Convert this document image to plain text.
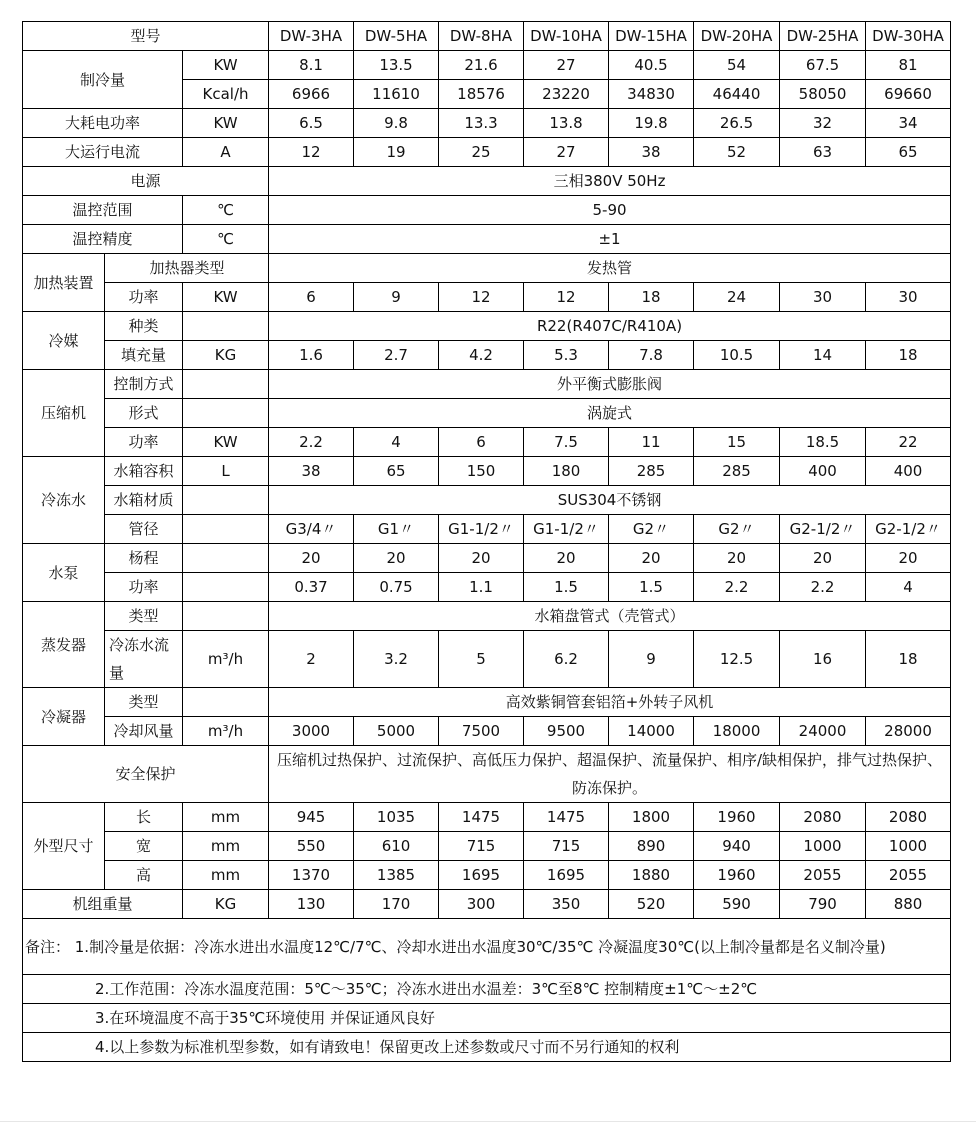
型号			DW-3HA	DW-5HA	DW-8HA	DW-10HA	DW-15HA	DW-20HA	DW-25HA	DW-30HA
制冷量		KW	8.1	13.5	21.6	27	40.5	54	67.5	81
		Kcal/h	6966	11610	18576	23220	34830	46440	58050	69660
大耗电功率		KW	6.5	9.8	13.3	13.8	19.8	26.5	32	34
大运行电流		A	12	19	25	27	38	52	63	65
电源			三相380V 50Hz							
温控范围		℃	5-90							
温控精度		℃	±1							
加热装置	加热器类型		发热管							
	功率	KW	6	9	12	12	18	24	30	30
冷媒	种类		R22(R407C/R410A)							
	填充量	KG	1.6	2.7	4.2	5.3	7.8	10.5	14	18
压缩机	控制方式		外平衡式膨胀阀							
	形式		涡旋式							
	功率	KW	2.2	4	6	7.5	11	15	18.5	22
冷冻水	水箱容积	L	38	65	150	180	285	285	400	400
	水箱材质		SUS304不锈钢							
	管径		G3/4〃	G1〃	G1-1/2〃	G1-1/2〃	G2〃	G2〃	G2-1/2〃	G2-1/2〃
水泵	杨程		20	20	20	20	20	20	20	20
	功率		0.37	0.75	1.1	1.5	1.5	2.2	2.2	4
蒸发器	类型		水箱盘管式（壳管式）							
	冷冻水流量	m³/h	2	3.2	5	6.2	9	12.5	16	18
冷凝器	类型		高效紫铜管套铝箔+外转子风机							
	冷却风量	m³/h	3000	5000	7500	9500	14000	18000	24000	28000
安全保护			压缩机过热保护、过流保护、高低压力保护、超温保护、流量保护、相序/缺相保护，排气过热保护、防冻保护。							
外型尺寸	长	mm	945	1035	1475	1475	1800	1960	2080	2080
	宽	mm	550	610	715	715	890	940	1000	1000
	高	mm	1370	1385	1695	1695	1880	1960	2055	2055
机组重量		KG	130	170	300	350	520	590	790	880
备注： 1.制冷量是依据：冷冻水进出水温度12℃/7℃、冷却水进出水温度30℃/35℃ 冷凝温度30℃(以上制冷量都是名义制冷量)										
2.工作范围：冷冻水温度范围：5℃～35℃；冷冻水进出水温差：3℃至8℃ 控制精度±1℃～±2℃										
3.在环境温度不高于35℃环境使用 并保证通风良好										
4.以上参数为标准机型参数，如有请致电！保留更改上述参数或尺寸而不另行通知的权利										
